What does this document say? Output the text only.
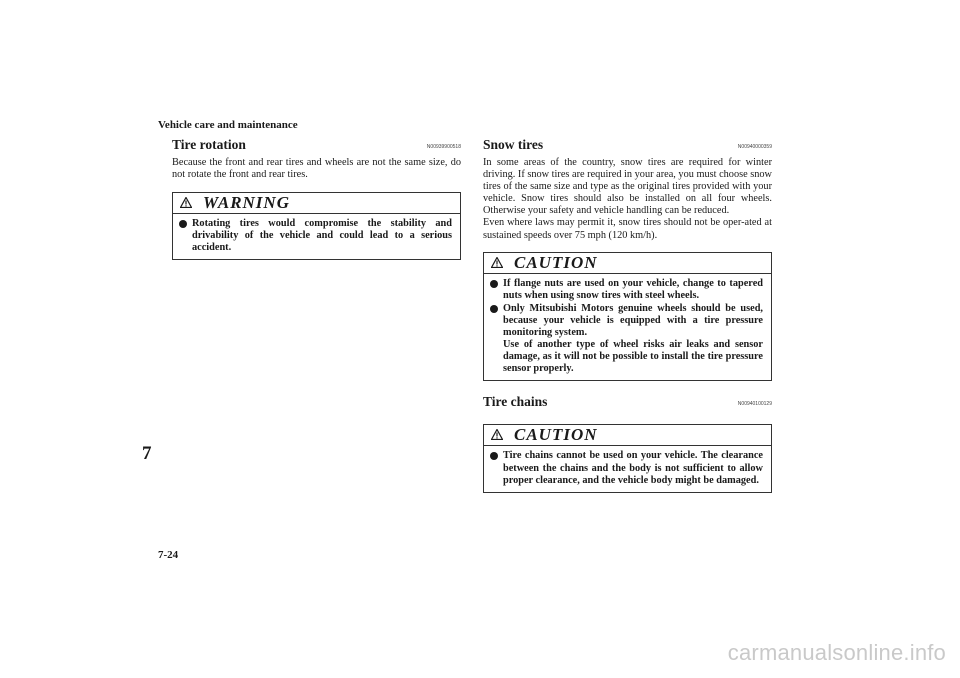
Vehicle care and maintenance
7
7-24
carmanualsonline.info
Tire rotation	N00939900518

Because the front and rear tires and wheels are not the same size, do not rotate the front and rear tires.

WARNING
Rotating tires would compromise the stability and drivability of the vehicle and could lead to a serious accident.
Snow tires	N00940000359

In some areas of the country, snow tires are required for winter driving. If snow tires are required in your area, you must choose snow tires of the same size and type as the original tires provided with your vehicle. Snow tires should also be installed on all four wheels. Otherwise your safety and vehicle handling can be reduced.

Even where laws may permit it, snow tires should not be oper-ated at sustained speeds over 75 mph (120 km/h).

CAUTION
If flange nuts are used on your vehicle, change to tapered nuts when using snow tires with steel wheels.
Only Mitsubishi Motors genuine wheels should be used, because your vehicle is equipped with a tire pressure monitoring system.
Use of another type of wheel risks air leaks and sensor damage, as it will not be possible to install the tire pressure sensor properly.
Tire chains	N00940100129
CAUTION
Tire chains cannot be used on your vehicle. The clearance between the chains and the body is not sufficient to allow proper clearance, and the vehicle body might be damaged.
